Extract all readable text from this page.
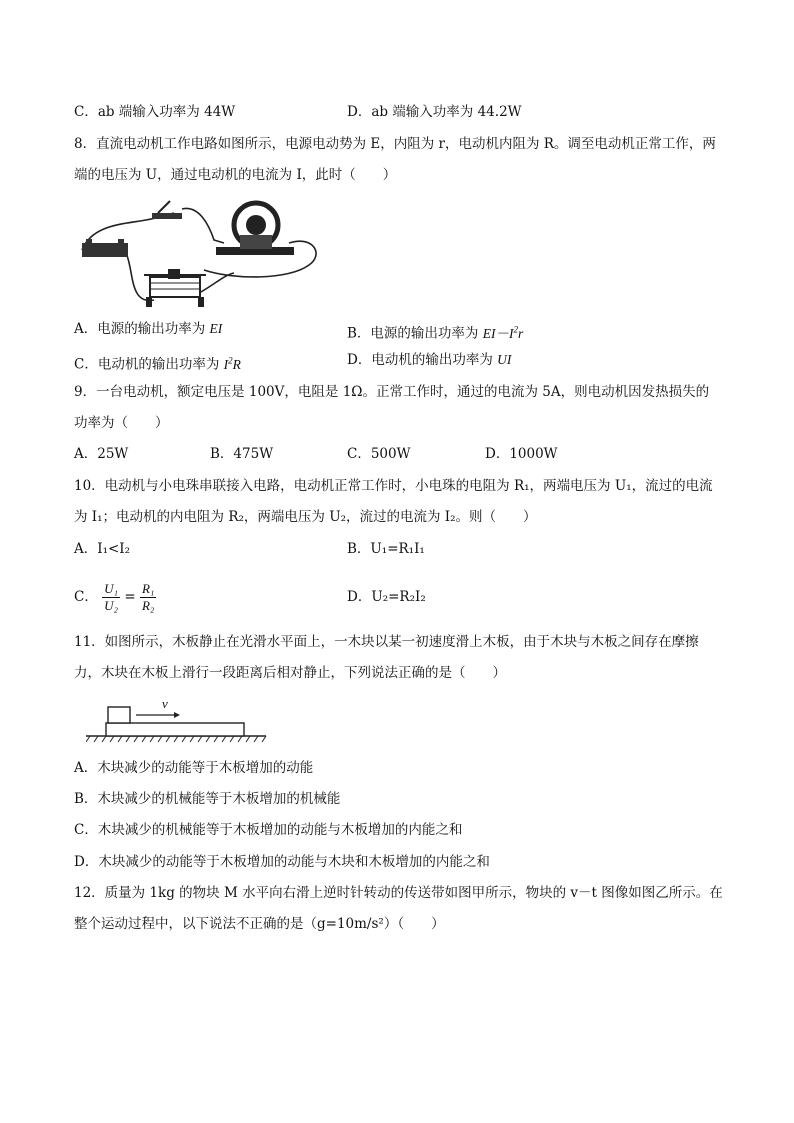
C．ab 端输入功率为 44W	D．ab 端输入功率为 44.2W
8．直流电动机工作电路如图所示，电源电动势为 E，内阻为 r，电动机内阻为 R。调至电动机正常工作，两
端的电压为 U，通过电动机的电流为 I，此时（　　）
A．电源的输出功率为 EI	B．电源的输出功率为 $EI-I^2r$
C．电动机的输出功率为 $I^2R$	D．电动机的输出功率为 UI
9．一台电动机，额定电压是 100V，电阻是 1Ω。正常工作时，通过的电流为 5A，则电动机因发热损失的
功率为（　　）
A．25W	B．475W	C．500W	D．1000W
10．电动机与小电珠串联接入电路，电动机正常工作时，小电珠的电阻为 R₁，两端电压为 U₁，流过的电流
为 I₁；电动机的内电阻为 R₂，两端电压为 U₂，流过的电流为 I₂。则（　　）
A．I₁<I₂	B．U₁=R₁I₁
C． $\frac{\text{U₁}}{\text{U₂}} = \frac{\text{R₁}}{\text{R₂}}$	D．U₂=R₂I₂
11．如图所示，木板静止在光滑水平面上，一木块以某一初速度滑上木板，由于木块与木板之间存在摩擦
力，木块在木板上滑行一段距离后相对静止，下列说法正确的是（　　）
v
A．木块减少的动能等于木板增加的动能
B．木块减少的机械能等于木板增加的机械能
C．木块减少的机械能等于木板增加的动能与木板增加的内能之和
D．木块减少的动能等于木板增加的动能与木块和木板增加的内能之和
12．质量为 1kg 的物块 M 水平向右滑上逆时针转动的传送带如图甲所示，物块的 v－t 图像如图乙所示。在
整个运动过程中，以下说法不正确的是（g=10m/s²）（　　）
